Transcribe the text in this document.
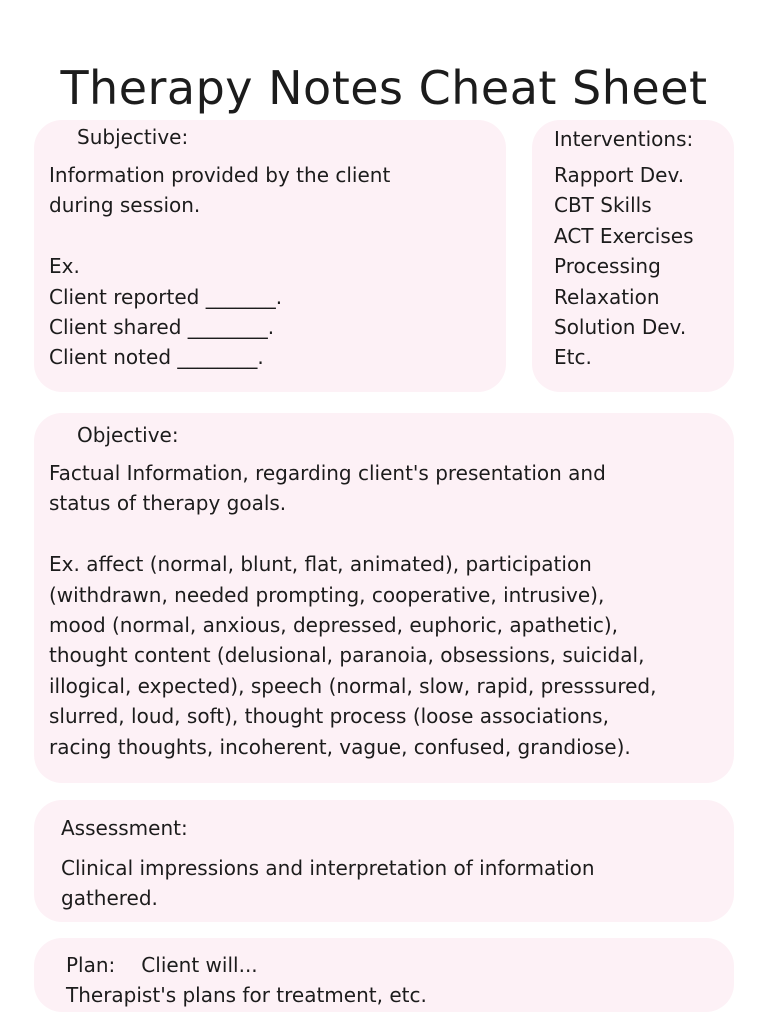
Therapy Notes Cheat Sheet
Subjective:
Information provided by the client
during session.
Ex.
Client reported _______.
Client shared ________.
Client noted ________.
Interventions:
Rapport Dev.
CBT Skills
ACT Exercises
Processing
Relaxation
Solution Dev.
Etc.
Objective:
Factual Information, regarding client's presentation and
status of therapy goals.
Ex. affect (normal, blunt, flat, animated), participation
(withdrawn, needed prompting, cooperative, intrusive),
mood (normal, anxious, depressed, euphoric, apathetic),
thought content (delusional, paranoia, obsessions, suicidal,
illogical, expected), speech (normal, slow, rapid, presssured,
slurred, loud, soft), thought process (loose associations,
racing thoughts, incoherent, vague, confused, grandiose).
Assessment:
Clinical impressions and interpretation of information
gathered.
Plan: Client will...
Therapist's plans for treatment, etc.
